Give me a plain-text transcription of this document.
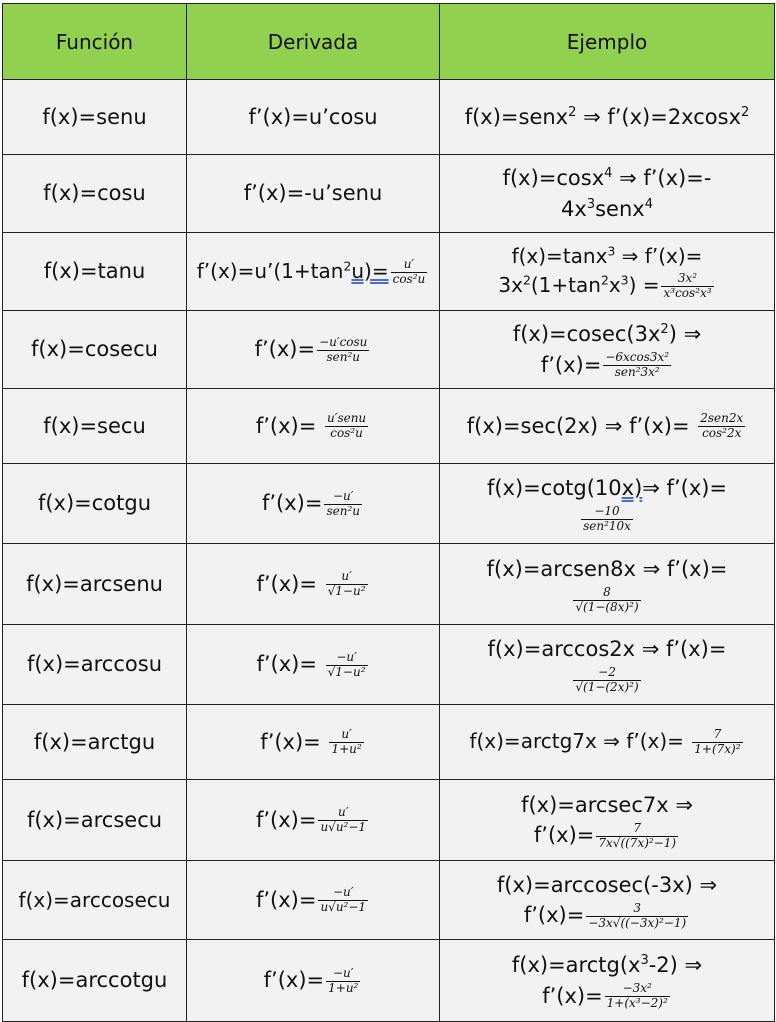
Función	Derivada	Ejemplo
f(x)=senu	f’(x)=u’cosu	f(x)=senx$^2$ ⇒ f’(x)=2xcosx$^2$
f(x)=cosu	f’(x)=-u’senu	f(x)=cosx$^4$ ⇒ f’(x)=-
$4x^3senx^4$
f(x)=tanu	$f’(x)=u’(1+\tan^2u)= \frac{u'}{\text{cos²u}}$	f(x)=tanx$^3$ ⇒ f’(x)=
$3x^2(1+\tan^2x^3) = \frac{\text{3x²}}{\text{x³cos²x³}}$

f(x)=cosecu	f’(x)= $\frac{-u'\cos u}{\text{sen²u}}$	$f(x)=cosec(3x^2)$ ⇒
f’(x)= $\frac{\text{−6xcos3x²}}{\text{sen²3x²}}$

f(x)=secu	f’(x)= $\frac{\text{u′senu}}{\text{cos²u}}$	f(x)=sec(2x) ⇒ f’(x)= $\frac{\text{2sen2x}}{\text{cos²2x}}$

f(x)=cotgu	f’(x)= $\frac{-u'}{\text{sen²u}}$	f(x)=cotg(10x)⇒ f’(x)=

$\frac{-10}{\text{sen²10x}}$

f(x)=arcsenu	f’(x)= $\frac{u'}{\text{√1−u²}}$	f(x)=arcsen8x ⇒ f’(x)=

$\frac{8}{\text{√(1−(8x)²)}}$

f(x)=arccosu	f’(x)= $\frac{-u'}{\text{√1−u²}}$	f(x)=arccos2x ⇒ f’(x)=

$\frac{-2}{\text{√(1−(2x)²)}}$

f(x)=arctgu	f’(x)= $\frac{u'}{\text{1+u²}}$	f(x)=arctg7x ⇒ f’(x)= $\frac{7}{\text{1+(7x)²}}$

f(x)=arcsecu	f’(x)= $\frac{u'}{\text{u√u²−1}}$	f(x)=arcsec7x ⇒
f’(x)= $\frac{7}{\text{7x√((7x)²−1)}}$

f(x)=arccosecu	f’(x)= $\frac{-u'}{\text{u√u²−1}}$	f(x)=arccosec(-3x) ⇒
f’(x)= $\frac{3}{\text{−3x√((−3x)²−1)}}$

f(x)=arccotgu	f’(x)= $\frac{-u'}{\text{1+u²}}$	$f(x)=arctg(x^3-2)$ ⇒
f’(x)= $\frac{\text{−3x²}}{\text{1+(x³−2)²}}$
